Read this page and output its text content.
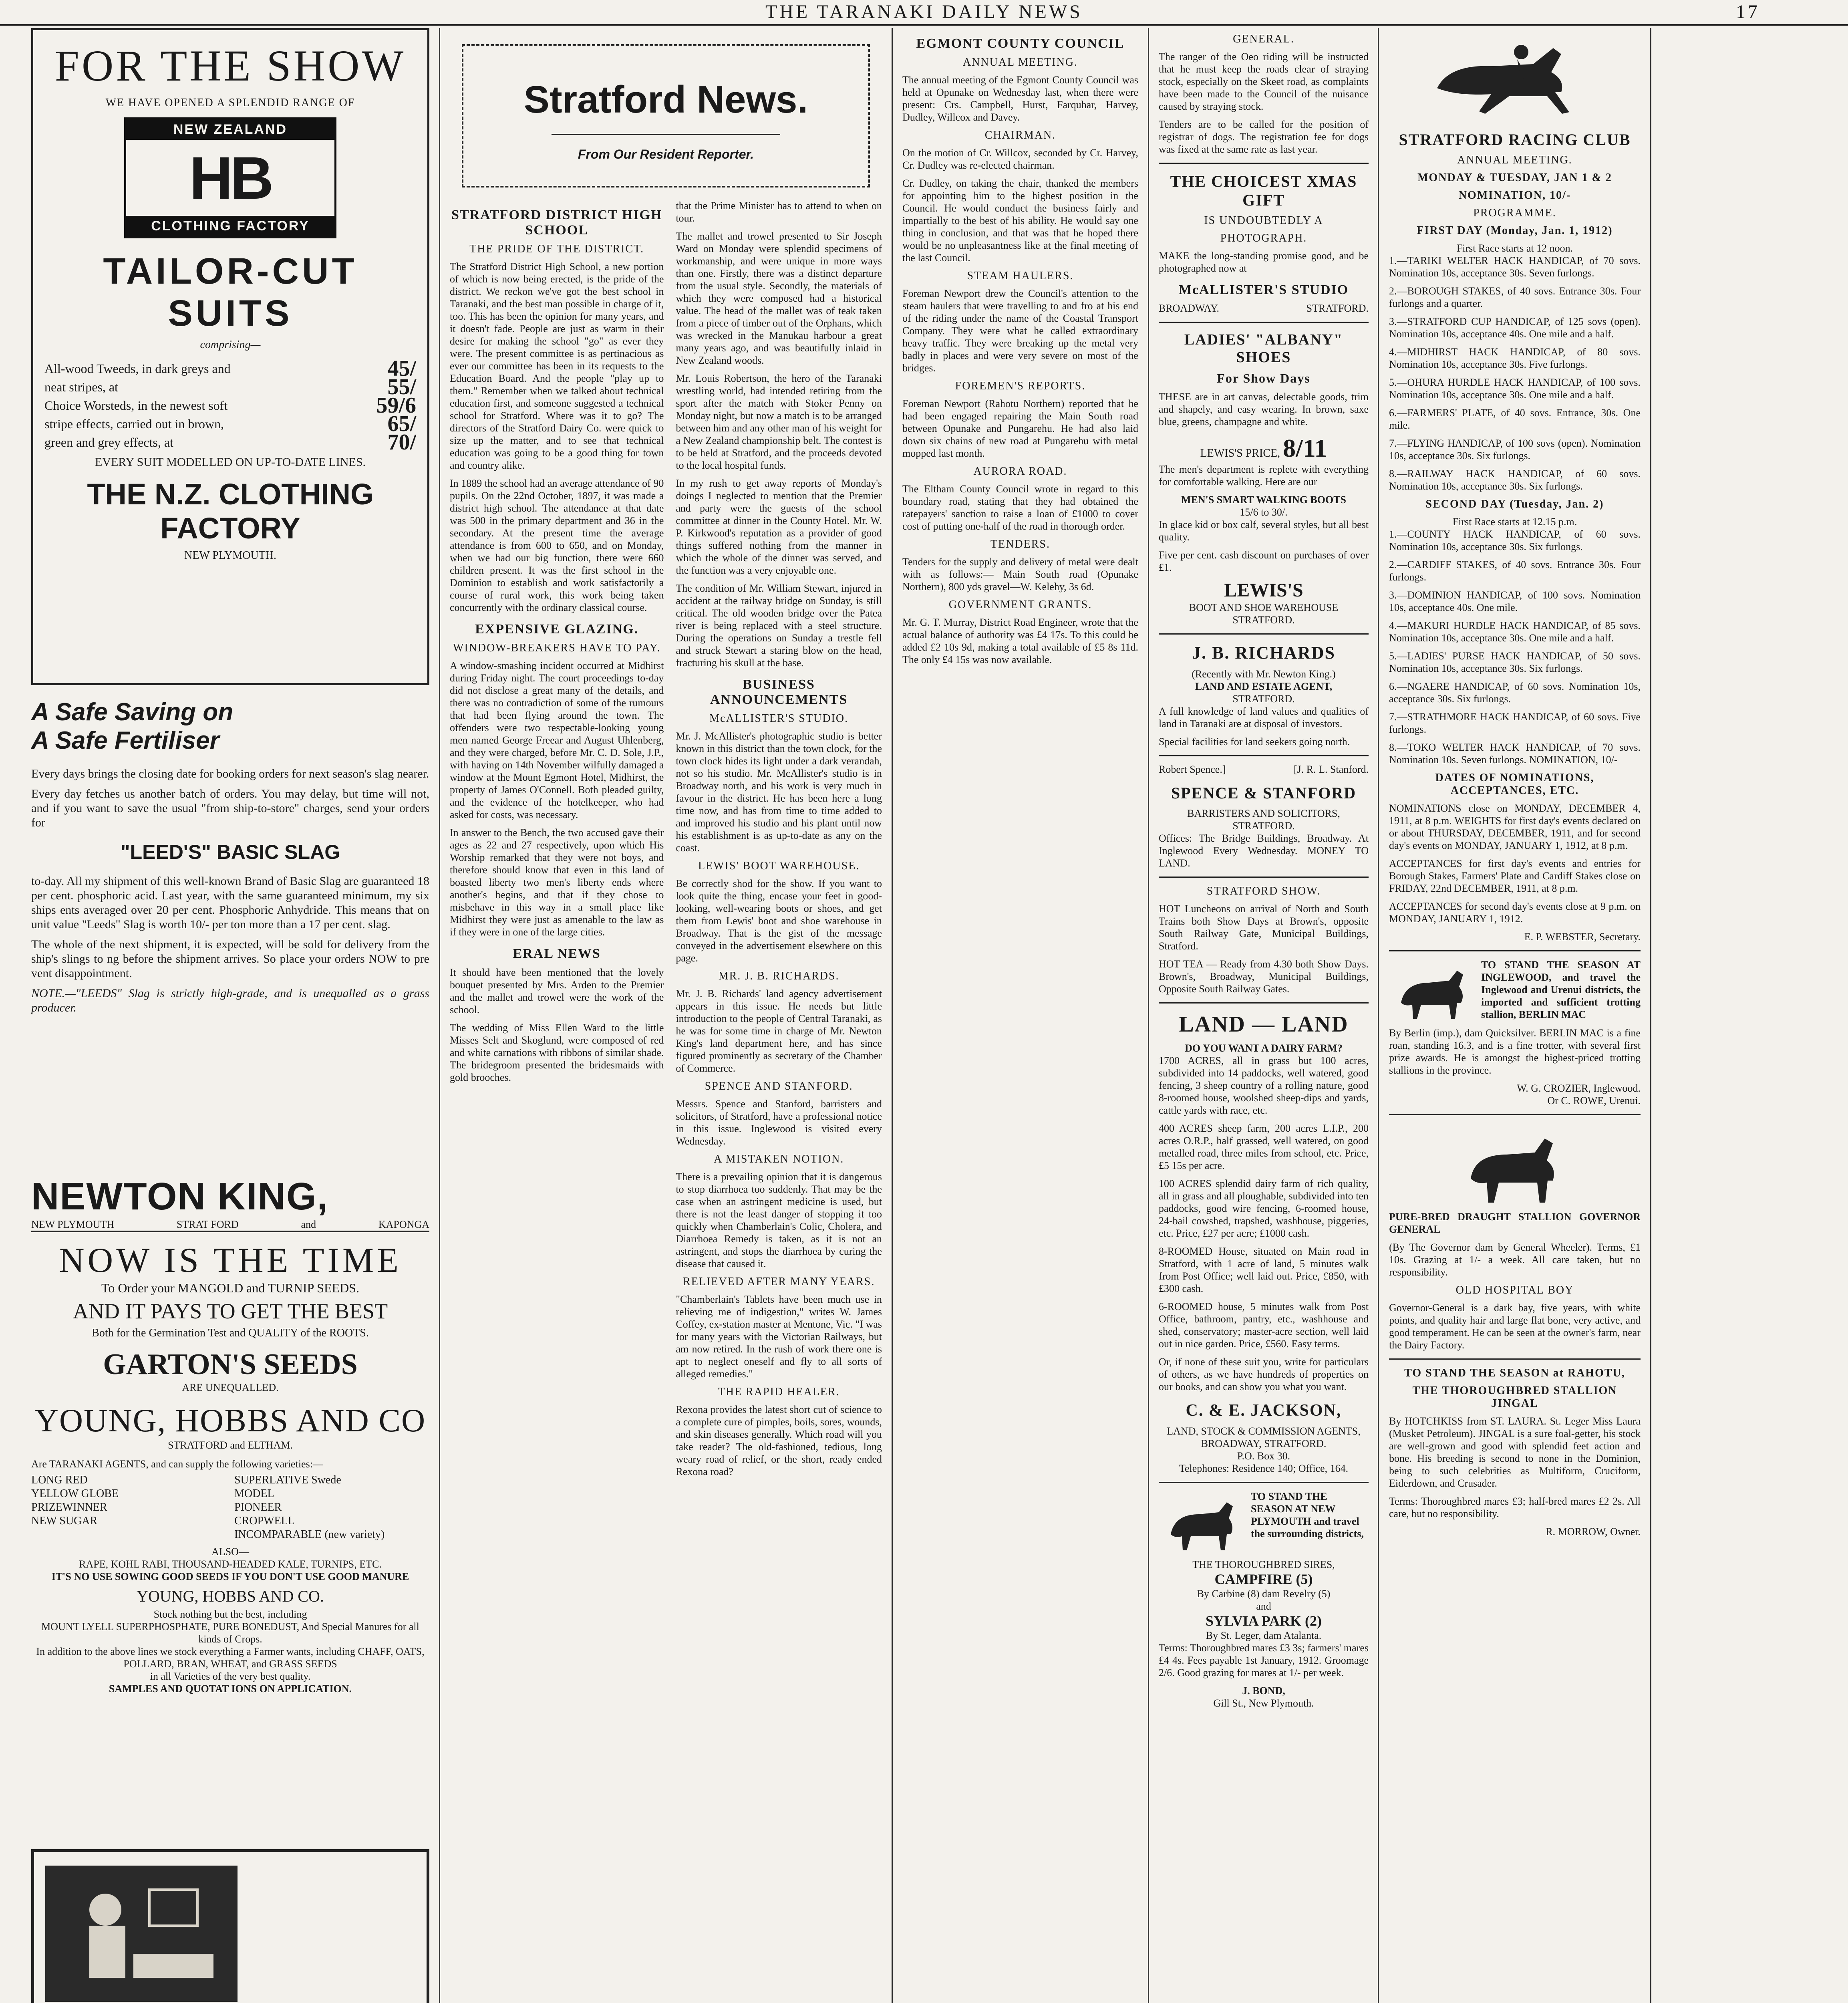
THE TARANAKI DAILY NEWS	17
FOR THE SHOW
WE HAVE OPENED A SPLENDID RANGE OF
NEW ZEALAND
HB
CLOTHING FACTORY
TAILOR-CUT SUITS
comprising—
All-wood Tweeds, in dark greys and	45/
neat stripes, at	55/
Choice Worsteds, in the newest soft	59/6
stripe effects, carried out in brown,	65/
green and grey effects, at	70/
EVERY SUIT MODELLED ON UP-TO-DATE LINES.
THE N.Z. CLOTHING FACTORY
NEW PLYMOUTH.
A Safe Saving on
A Safe Fertiliser

Every days brings the closing date for booking orders for next season's slag nearer.

Every day fetches us another batch of orders. You may delay, but time will not, and if you want to save the usual "from ship-to-store" charges, send your orders for

"LEED'S" BASIC SLAG

to-day. All my shipment of this well-known Brand of Basic Slag are guaranteed 18 per cent. phosphoric acid. Last year, with the same guaranteed minimum, my six ships ents averaged over 20 per cent. Phosphoric Anhydride. This means that on unit value "Leeds" Slag is worth 10/- per ton more than a 17 per cent. slag.

The whole of the next shipment, it is expected, will be sold for delivery from the ship's slings to ng before the shipment arrives. So place your orders NOW to pre vent disappointment.

NOTE.—"LEEDS" Slag is strictly high-grade, and is unequalled as a grass producer.

NEWTON KING,
NEW PLYMOUTH	STRAT FORD	and	KAPONGA
NOW IS THE TIME
To Order your MANGOLD and TURNIP SEEDS.
AND IT PAYS TO GET THE BEST
Both for the Germination Test and QUALITY of the ROOTS.
GARTON'S SEEDS
ARE UNEQUALLED.
YOUNG, HOBBS AND CO
STRATFORD and ELTHAM.
Are TARANAKI AGENTS, and can supply the following varieties:—
LONG RED	SUPERLATIVE Swede
YELLOW GLOBE	MODEL
PRIZEWINNER	PIONEER
NEW SUGAR	CROPWELL
INCOMPARABLE (new variety)
ALSO—
RAPE, KOHL RABI, THOUSAND-HEADED KALE, TURNIPS, ETC.
IT'S NO USE SOWING GOOD SEEDS IF YOU DON'T USE GOOD MANURE
YOUNG, HOBBS AND CO.
Stock nothing but the best, including
MOUNT LYELL SUPERPHOSPHATE, PURE BONEDUST, And Special Manures for all kinds of Crops.
In addition to the above lines we stock everything a Farmer wants, including CHAFF, OATS, POLLARD, BRAN, WHEAT, and GRASS SEEDS
in all Varieties of the very best quality.
SAMPLES AND QUOTAT IONS ON APPLICATION.
Stratford News.
From Our Resident Reporter.
STRATFORD DISTRICT HIGH SCHOOL
THE PRIDE OF THE DISTRICT.

The Stratford District High School, a new portion of which is now being erected, is the pride of the district. We reckon we've got the best school in Taranaki, and the best man possible in charge of it, too. This has been the opinion for many years, and it doesn't fade. People are just as warm in their desire for making the school "go" as ever they were. The present committee is as pertinacious as ever our committee has been in its requests to the Education Board. And the people "play up to them." Remember when we talked about technical education first, and someone suggested a technical school for Stratford. Where was it to go? The directors of the Stratford Dairy Co. were quick to size up the matter, and to see that technical education was going to be a good thing for town and country alike.

In 1889 the school had an average attendance of 90 pupils. On the 22nd October, 1897, it was made a district high school. The attendance at that date was 500 in the primary department and 36 in the secondary. At the present time the average attendance is from 600 to 650, and on Monday, when we had our big function, there were 660 children present. It was the first school in the Dominion to establish and work satisfactorily a course of rural work, this work being taken concurrently with the ordinary classical course.

EXPENSIVE GLAZING.
WINDOW-BREAKERS HAVE TO PAY.

A window-smashing incident occurred at Midhirst during Friday night. The court proceedings to-day did not disclose a great many of the details, and there was no contradiction of some of the rumours that had been flying around the town. The offenders were two respectable-looking young men named George Freear and August Uhlenberg, and they were charged, before Mr. C. D. Sole, J.P., with having on 14th November wilfully damaged a window at the Mount Egmont Hotel, Midhirst, the property of James O'Connell. Both pleaded guilty, and the evidence of the hotelkeeper, who had asked for costs, was necessary.

In answer to the Bench, the two accused gave their ages as 22 and 27 respectively, upon which His Worship remarked that they were not boys, and therefore should know that even in this land of boasted liberty two men's liberty ends where another's begins, and that if they chose to misbehave in this way in a small place like Midhirst they were just as amenable to the law as if they were in one of the large cities.

ERAL NEWS

It should have been mentioned that the lovely bouquet presented by Mrs. Arden to the Premier and the mallet and trowel were the work of the school.

The wedding of Miss Ellen Ward to the little Misses Selt and Skoglund, were composed of red and white carnations with ribbons of similar shade. The bridegroom presented the bridesmaids with gold brooches.

that the Prime Minister has to attend to when on tour.

The mallet and trowel presented to Sir Joseph Ward on Monday were splendid specimens of workmanship, and were unique in more ways than one. Firstly, there was a distinct departure from the usual style. Secondly, the materials of which they were composed had a historical value. The head of the mallet was of teak taken from a piece of timber out of the Orphans, which was wrecked in the Manukau harbour a great many years ago, and was beautifully inlaid in New Zealand woods.

Mr. Louis Robertson, the hero of the Taranaki wrestling world, had intended retiring from the sport after the match with Stoker Penny on Monday night, but now a match is to be arranged between him and any other man of his weight for a New Zealand championship belt. The contest is to be held at Stratford, and the proceeds devoted to the local hospital funds.

In my rush to get away reports of Monday's doings I neglected to mention that the Premier and party were the guests of the school committee at dinner in the County Hotel. Mr. W. P. Kirkwood's reputation as a provider of good things suffered nothing from the manner in which the whole of the dinner was served, and the function was a very enjoyable one.

The condition of Mr. William Stewart, injured in accident at the railway bridge on Sunday, is still critical. The old wooden bridge over the Patea river is being replaced with a steel structure. During the operations on Sunday a trestle fell and struck Stewart a staring blow on the head, fracturing his skull at the base.

BUSINESS ANNOUNCEMENTS
McALLISTER'S STUDIO.

Mr. J. McAllister's photographic studio is better known in this district than the town clock, for the town clock hides its light under a dark verandah, not so his studio. Mr. McAllister's studio is in Broadway north, and his work is very much in favour in the district. He has been here a long time now, and has from time to time added to and improved his studio and his plant until now his establishment is as up-to-date as any on the coast.

LEWIS' BOOT WAREHOUSE.

Be correctly shod for the show. If you want to look quite the thing, encase your feet in good-looking, well-wearing boots or shoes, and get them from Lewis' boot and shoe warehouse in Broadway. That is the gist of the message conveyed in the advertisement elsewhere on this page.

MR. J. B. RICHARDS.

Mr. J. B. Richards' land agency advertisement appears in this issue. He needs but little introduction to the people of Central Taranaki, as he was for some time in charge of Mr. Newton King's land department here, and has since figured prominently as secretary of the Chamber of Commerce.

SPENCE AND STANFORD.

Messrs. Spence and Stanford, barristers and solicitors, of Stratford, have a professional notice in this issue. Inglewood is visited every Wednesday.

A MISTAKEN NOTION.

There is a prevailing opinion that it is dangerous to stop diarrhoea too suddenly. That may be the case when an astringent medicine is used, but there is not the least danger of stopping it too quickly when Chamberlain's Colic, Cholera, and Diarrhoea Remedy is taken, as it is not an astringent, and stops the diarrhoea by curing the disease that caused it.

RELIEVED AFTER MANY YEARS.

"Chamberlain's Tablets have been much use in relieving me of indigestion," writes W. James Coffey, ex-station master at Mentone, Vic. "I was for many years with the Victorian Railways, but am now retired. In the rush of work there one is apt to neglect oneself and fly to all sorts of alleged remedies."

THE RAPID HEALER.

Rexona provides the latest short cut of science to a complete cure of pimples, boils, sores, wounds, and skin diseases generally. Which road will you take reader? The old-fashioned, tedious, long weary road of relief, or the short, ready ended Rexona road?

EGMONT COUNTY COUNCIL
ANNUAL MEETING.

The annual meeting of the Egmont County Council was held at Opunake on Wednesday last, when there were present: Crs. Campbell, Hurst, Farquhar, Harvey, Dudley, Willcox and Davey.

CHAIRMAN.

On the motion of Cr. Willcox, seconded by Cr. Harvey, Cr. Dudley was re-elected chairman.

Cr. Dudley, on taking the chair, thanked the members for appointing him to the highest position in the Council. He would conduct the business fairly and impartially to the best of his ability. He would say one thing in conclusion, and that was that he hoped there would be no unpleasantness like at the final meeting of the last Council.

STEAM HAULERS.

Foreman Newport drew the Council's attention to the steam haulers that were travelling to and fro at his end of the riding under the name of the Coastal Transport Company. They were what he called extraordinary heavy traffic. They were breaking up the metal very badly in places and were very severe on most of the bridges.

FOREMEN'S REPORTS.

Foreman Newport (Rahotu Northern) reported that he had been engaged repairing the Main South road between Opunake and Pungarehu. He had also laid down six chains of new road at Pungarehu with metal mopped last month.

AURORA ROAD.

The Eltham County Council wrote in regard to this boundary road, stating that they had obtained the ratepayers' sanction to raise a loan of £1000 to cover cost of putting one-half of the road in thorough order.

TENDERS.

Tenders for the supply and delivery of metal were dealt with as follows:— Main South road (Opunake Northern), 800 yds gravel—W. Kelehy, 3s 6d.

GOVERNMENT GRANTS.

Mr. G. T. Murray, District Road Engineer, wrote that the actual balance of authority was £4 17s. To this could be added £2 10s 9d, making a total available of £5 8s 11d. The only £4 15s was now available.

GENERAL.

The ranger of the Oeo riding will be instructed that he must keep the roads clear of straying stock, especially on the Skeet road, as complaints have been made to the Council of the nuisance caused by straying stock.

Tenders are to be called for the position of registrar of dogs. The registration fee for dogs was fixed at the same rate as last year.

THE CHOICEST XMAS GIFT
IS UNDOUBTEDLY A
PHOTOGRAPH.

MAKE the long-standing promise good, and be photographed now at

McALLISTER'S STUDIO
BROADWAY.	STRATFORD.
LADIES' "ALBANY" SHOES
For Show Days

THESE are in art canvas, delectable goods, trim and shapely, and easy wearing. In brown, saxe blue, greens, champagne and white.

LEWIS'S PRICE, 8/11

The men's department is replete with everything for comfortable walking. Here are our

MEN'S SMART WALKING BOOTS
15/6 to 30/.

In glace kid or box calf, several styles, but all best quality.

Five per cent. cash discount on purchases of over £1.

LEWIS'S
BOOT AND SHOE WAREHOUSE
STRATFORD.
J. B. RICHARDS
(Recently with Mr. Newton King.)
LAND AND ESTATE AGENT,
STRATFORD.

A full knowledge of land values and qualities of land in Taranaki are at disposal of investors.

Special facilities for land seekers going north.

Robert Spence.]	[J. R. L. Stanford.
SPENCE & STANFORD
BARRISTERS AND SOLICITORS, STRATFORD.

Offices: The Bridge Buildings, Broadway. At Inglewood Every Wednesday. MONEY TO LAND.

STRATFORD SHOW.

HOT Luncheons on arrival of North and South Trains both Show Days at Brown's, opposite South Railway Gate, Municipal Buildings, Stratford.

HOT TEA — Ready from 4.30 both Show Days. Brown's, Broadway, Municipal Buildings, Opposite South Railway Gates.

LAND — LAND
DO YOU WANT A DAIRY FARM?

1700 ACRES, all in grass but 100 acres, subdivided into 14 paddocks, well watered, good fencing, 3 sheep country of a rolling nature, good 8-roomed house, woolshed sheep-dips and yards, cattle yards with race, etc.

400 ACRES sheep farm, 200 acres L.I.P., 200 acres O.R.P., half grassed, well watered, on good metalled road, three miles from school, etc. Price, £5 15s per acre.

100 ACRES splendid dairy farm of rich quality, all in grass and all ploughable, subdivided into ten paddocks, good wire fencing, 6-roomed house, 24-bail cowshed, trapshed, washhouse, piggeries, etc. Price, £27 per acre; £1000 cash.

8-ROOMED House, situated on Main road in Stratford, with 1 acre of land, 5 minutes walk from Post Office; well laid out. Price, £850, with £300 cash.

6-ROOMED house, 5 minutes walk from Post Office, bathroom, pantry, etc., washhouse and shed, conservatory; master-acre section, well laid out in nice garden. Price, £560. Easy terms.

Or, if none of these suit you, write for particulars of others, as we have hundreds of properties on our books, and can show you what you want.

C. & E. JACKSON,
LAND, STOCK & COMMISSION AGENTS,
BROADWAY, STRATFORD.
P.O. Box 30.
Telephones: Residence 140; Office, 164.
TO STAND THE SEASON AT NEW PLYMOUTH and travel the surrounding districts,
THE THOROUGHBRED SIRES,
CAMPFIRE (5)
By Carbine (8) dam Revelry (5)
and
SYLVIA PARK (2)
By St. Leger, dam Atalanta.

Terms: Thoroughbred mares £3 3s; farmers' mares £4 4s. Fees payable 1st January, 1912. Groomage 2/6. Good grazing for mares at 1/- per week.

J. BOND,
Gill St., New Plymouth.
STRATFORD RACING CLUB
ANNUAL MEETING.
MONDAY & TUESDAY, JAN 1 & 2
NOMINATION, 10/-
PROGRAMME.
FIRST DAY (Monday, Jan. 1, 1912)
First Race starts at 12 noon.

1.—TARIKI WELTER HACK HANDICAP, of 70 sovs. Nomination 10s, acceptance 30s. Seven furlongs.

2.—BOROUGH STAKES, of 40 sovs. Entrance 30s. Four furlongs and a quarter.

3.—STRATFORD CUP HANDICAP, of 125 sovs (open). Nomination 10s, acceptance 40s. One mile and a half.

4.—MIDHIRST HACK HANDICAP, of 80 sovs. Nomination 10s, acceptance 30s. Five furlongs.

5.—OHURA HURDLE HACK HANDICAP, of 100 sovs. Nomination 10s, acceptance 30s. One mile and a half.

6.—FARMERS' PLATE, of 40 sovs. Entrance, 30s. One mile.

7.—FLYING HANDICAP, of 100 sovs (open). Nomination 10s, acceptance 30s. Six furlongs.

8.—RAILWAY HACK HANDICAP, of 60 sovs. Nomination 10s, acceptance 30s. Six furlongs.

SECOND DAY (Tuesday, Jan. 2)
First Race starts at 12.15 p.m.

1.—COUNTY HACK HANDICAP, of 60 sovs. Nomination 10s, acceptance 30s. Six furlongs.

2.—CARDIFF STAKES, of 40 sovs. Entrance 30s. Four furlongs.

3.—DOMINION HANDICAP, of 100 sovs. Nomination 10s, acceptance 40s. One mile.

4.—MAKURI HURDLE HACK HANDICAP, of 85 sovs. Nomination 10s, acceptance 30s. One mile and a half.

5.—LADIES' PURSE HACK HANDICAP, of 50 sovs. Nomination 10s, acceptance 30s. Six furlongs.

6.—NGAERE HANDICAP, of 60 sovs. Nomination 10s, acceptance 30s. Six furlongs.

7.—STRATHMORE HACK HANDICAP, of 60 sovs. Five furlongs.

8.—TOKO WELTER HACK HANDICAP, of 70 sovs. Nomination 10s. Seven furlongs. NOMINATION, 10/-

DATES OF NOMINATIONS, ACCEPTANCES, ETC.

NOMINATIONS close on MONDAY, DECEMBER 4, 1911, at 8 p.m. WEIGHTS for first day's events declared on or about THURSDAY, DECEMBER, 1911, and for second day's events on MONDAY, JANUARY 1, 1912, at 8 p.m.

ACCEPTANCES for first day's events and entries for Borough Stakes, Farmers' Plate and Cardiff Stakes close on FRIDAY, 22nd DECEMBER, 1911, at 8 p.m.

ACCEPTANCES for second day's events close at 9 p.m. on MONDAY, JANUARY 1, 1912.

E. P. WEBSTER, Secretary.

TO STAND THE SEASON AT INGLEWOOD, and travel the Inglewood and Urenui districts, the imported and sufficient trotting stallion, BERLIN MAC

By Berlin (imp.), dam Quicksilver. BERLIN MAC is a fine roan, standing 16.3, and is a fine trotter, with several first prize awards. He is amongst the highest-priced trotting stallions in the province.

W. G. CROZIER, Inglewood.
Or C. ROWE, Urenui.

PURE-BRED DRAUGHT STALLION GOVERNOR GENERAL

(By The Governor dam by General Wheeler). Terms, £1 10s. Grazing at 1/- a week. All care taken, but no responsibility.

OLD HOSPITAL BOY

Governor-General is a dark bay, five years, with white points, and quality hair and large flat bone, very active, and good temperament. He can be seen at the owner's farm, near the Dairy Factory.

TO STAND THE SEASON at RAHOTU,
THE THOROUGHBRED STALLION JINGAL

By HOTCHKISS from ST. LAURA. St. Leger Miss Laura (Musket Petroleum). JINGAL is a sure foal-getter, his stock are well-grown and good with splendid feet action and bone. His breeding is second to none in the Dominion, being to such celebrities as Multiform, Cruciform, Eiderdown, and Crusader.

Terms: Thoroughbred mares £3; half-bred mares £2 2s. All care, but no responsibility.

R. MORROW, Owner.
